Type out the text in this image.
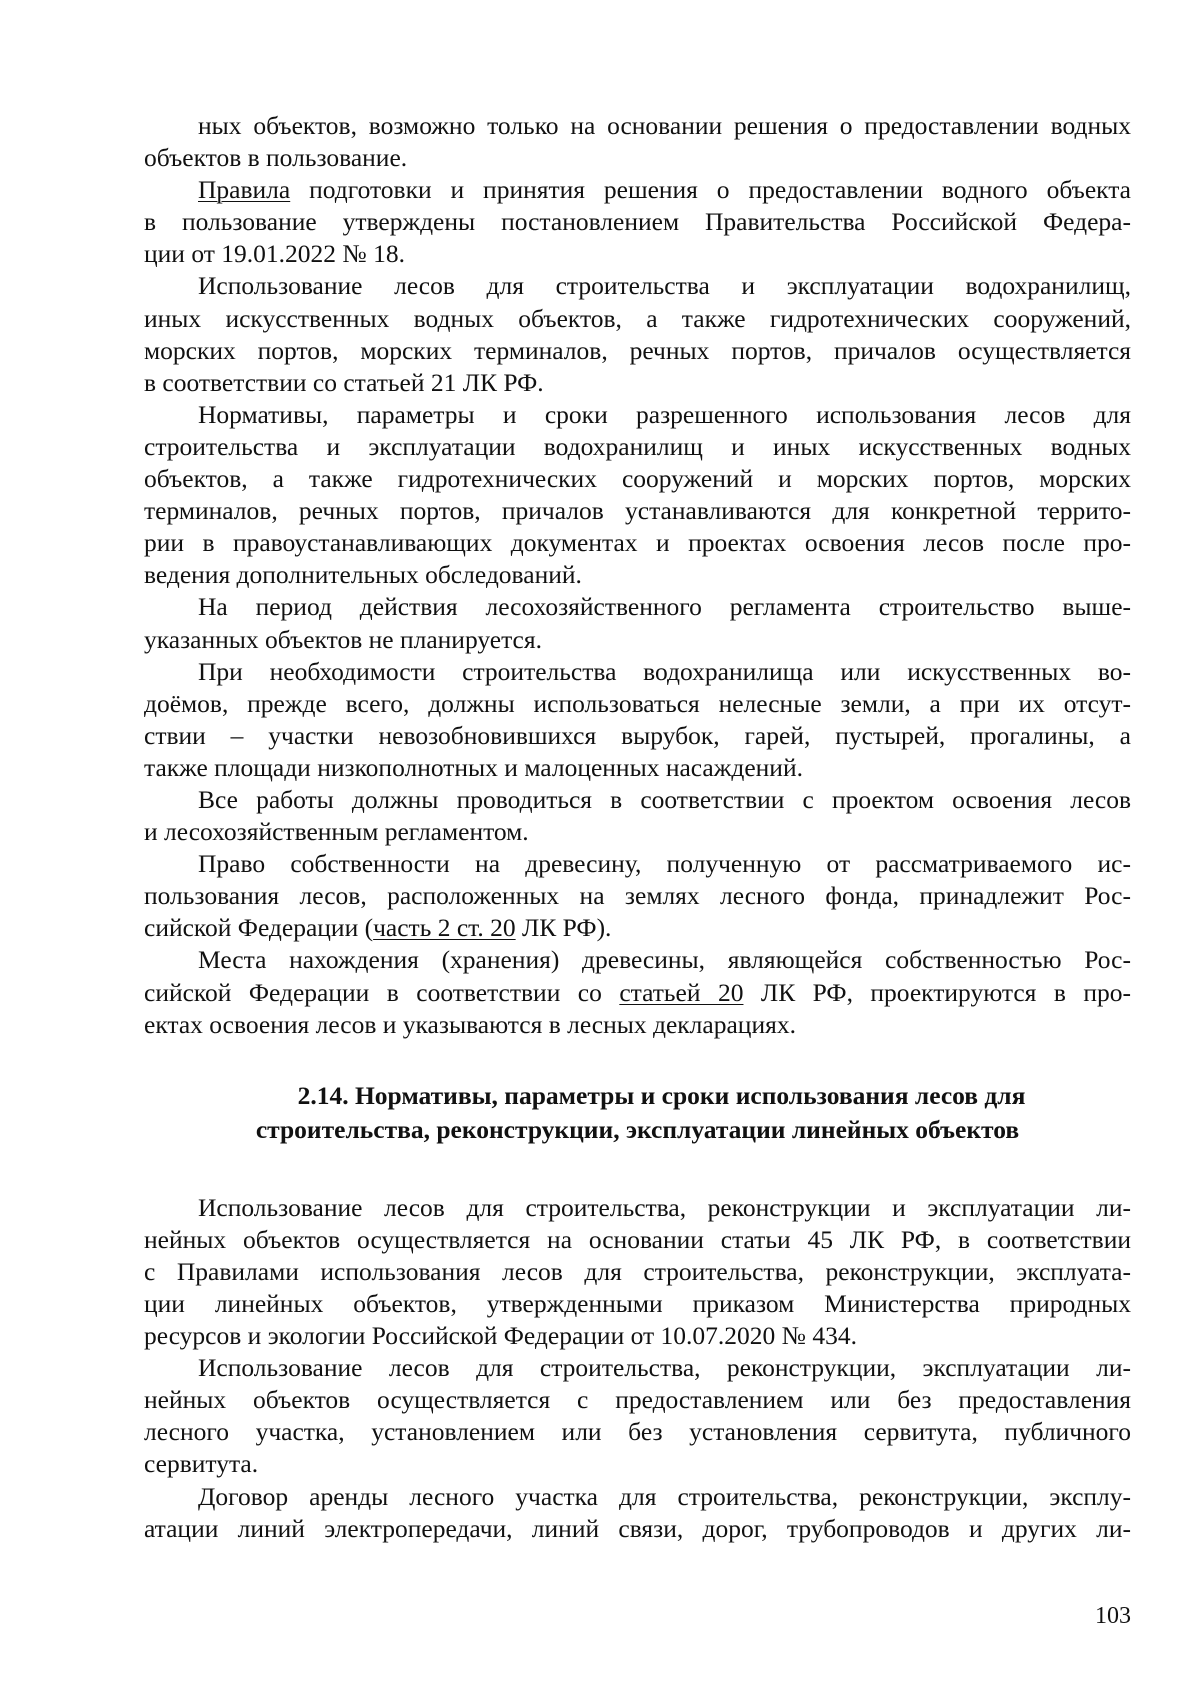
ных объектов, возможно только на основании решения о предоставлении водных
объектов в пользование.
Правила подготовки и принятия решения о предоставлении водного объекта
в пользование утверждены постановлением Правительства Российской Федера-
ции от 19.01.2022 № 18.
Использование лесов для строительства и эксплуатации водохранилищ,
иных искусственных водных объектов, а также гидротехнических сооружений,
морских портов, морских терминалов, речных портов, причалов осуществляется
в соответствии со статьей 21 ЛК РФ.
Нормативы, параметры и сроки разрешенного использования лесов для
строительства и эксплуатации водохранилищ и иных искусственных водных
объектов, а также гидротехнических сооружений и морских портов, морских
терминалов, речных портов, причалов устанавливаются для конкретной террито-
рии в правоустанавливающих документах и проектах освоения лесов после про-
ведения дополнительных обследований.
На период действия лесохозяйственного регламента строительство выше-
указанных объектов не планируется.
При необходимости строительства водохранилища или искусственных во-
доёмов, прежде всего, должны использоваться нелесные земли, а при их отсут-
ствии – участки невозобновившихся вырубок, гарей, пустырей, прогалины, а
также площади низкополнотных и малоценных насаждений.
Все работы должны проводиться в соответствии с проектом освоения лесов
и лесохозяйственным регламентом.
Право собственности на древесину, полученную от рассматриваемого ис-
пользования лесов, расположенных на землях лесного фонда, принадлежит Рос-
сийской Федерации (часть 2 ст. 20 ЛК РФ).
Места нахождения (хранения) древесины, являющейся собственностью Рос-
сийской Федерации в соответствии со статьей 20 ЛК РФ, проектируются в про-
ектах освоения лесов и указываются в лесных декларациях.
2.14. Нормативы, параметры и сроки использования лесов для
строительства, реконструкции, эксплуатации линейных объектов
Использование лесов для строительства, реконструкции и эксплуатации ли-
нейных объектов осуществляется на основании статьи 45 ЛК РФ, в соответствии
с Правилами использования лесов для строительства, реконструкции, эксплуата-
ции линейных объектов, утвержденными приказом Министерства природных
ресурсов и экологии Российской Федерации от 10.07.2020 № 434.
Использование лесов для строительства, реконструкции, эксплуатации ли-
нейных объектов осуществляется с предоставлением или без предоставления
лесного участка, установлением или без установления сервитута, публичного
сервитута.
Договор аренды лесного участка для строительства, реконструкции, эксплу-
атации линий электропередачи, линий связи, дорог, трубопроводов и других ли-
103
